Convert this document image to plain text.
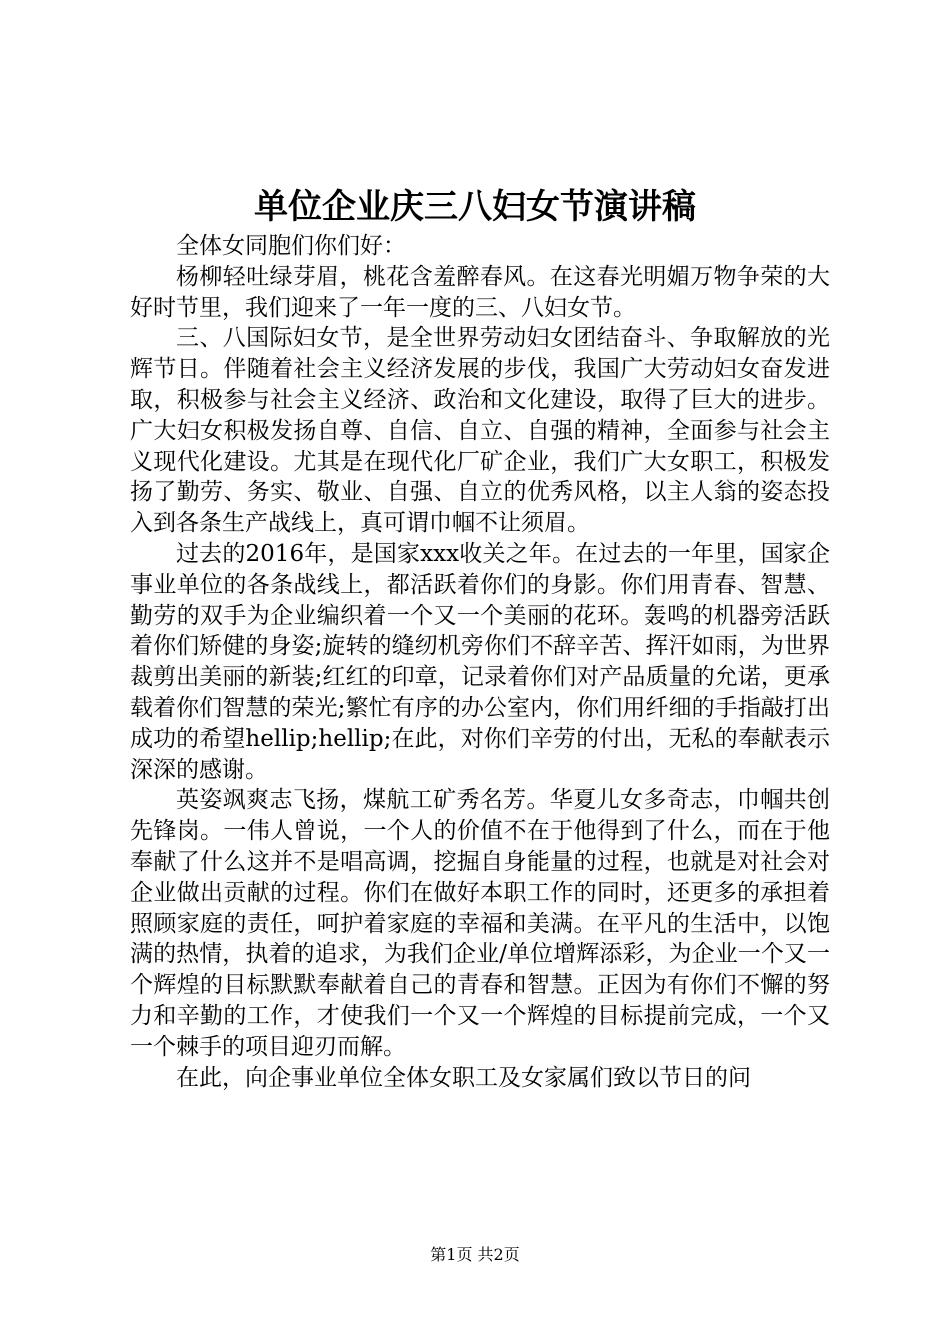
单位企业庆三八妇女节演讲稿

全体女同胞们你们好：

杨柳轻吐绿芽眉，桃花含羞醉春风。在这春光明媚万物争荣的大好时节里，我们迎来了一年一度的三、八妇女节。

三、八国际妇女节，是全世界劳动妇女团结奋斗、争取解放的光辉节日。伴随着社会主义经济发展的步伐，我国广大劳动妇女奋发进取，积极参与社会主义经济、政治和文化建设，取得了巨大的进步。广大妇女积极发扬自尊、自信、自立、自强的精神，全面参与社会主义现代化建设。尤其是在现代化厂矿企业，我们广大女职工，积极发扬了勤劳、务实、敬业、自强、自立的优秀风格，以主人翁的姿态投入到各条生产战线上，真可谓巾帼不让须眉。

过去的2016年，是国家xxx收关之年。在过去的一年里，国家企事业单位的各条战线上，都活跃着你们的身影。你们用青春、智慧、勤劳的双手为企业编织着一个又一个美丽的花环。轰鸣的机器旁活跃着你们矫健的身姿;旋转的缝纫机旁你们不辞辛苦、挥汗如雨，为世界裁剪出美丽的新装;红红的印章，记录着你们对产品质量的允诺，更承载着你们智慧的荣光;繁忙有序的办公室内，你们用纤细的手指敲打出成功的希望hellip;hellip;在此，对你们辛劳的付出，无私的奉献表示深深的感谢。

英姿飒爽志飞扬，煤航工矿秀名芳。华夏儿女多奇志，巾帼共创先锋岗。一伟人曾说，一个人的价值不在于他得到了什么，而在于他奉献了什么这并不是唱高调，挖掘自身能量的过程，也就是对社会对企业做出贡献的过程。你们在做好本职工作的同时，还更多的承担着照顾家庭的责任，呵护着家庭的幸福和美满。在平凡的生活中，以饱满的热情，执着的追求，为我们企业/单位增辉添彩，为企业一个又一个辉煌的目标默默奉献着自己的青春和智慧。正因为有你们不懈的努力和辛勤的工作，才使我们一个又一个辉煌的目标提前完成，一个又一个棘手的项目迎刃而解。

在此，向企事业单位全体女职工及女家属们致以节日的问

第1页 共2页
